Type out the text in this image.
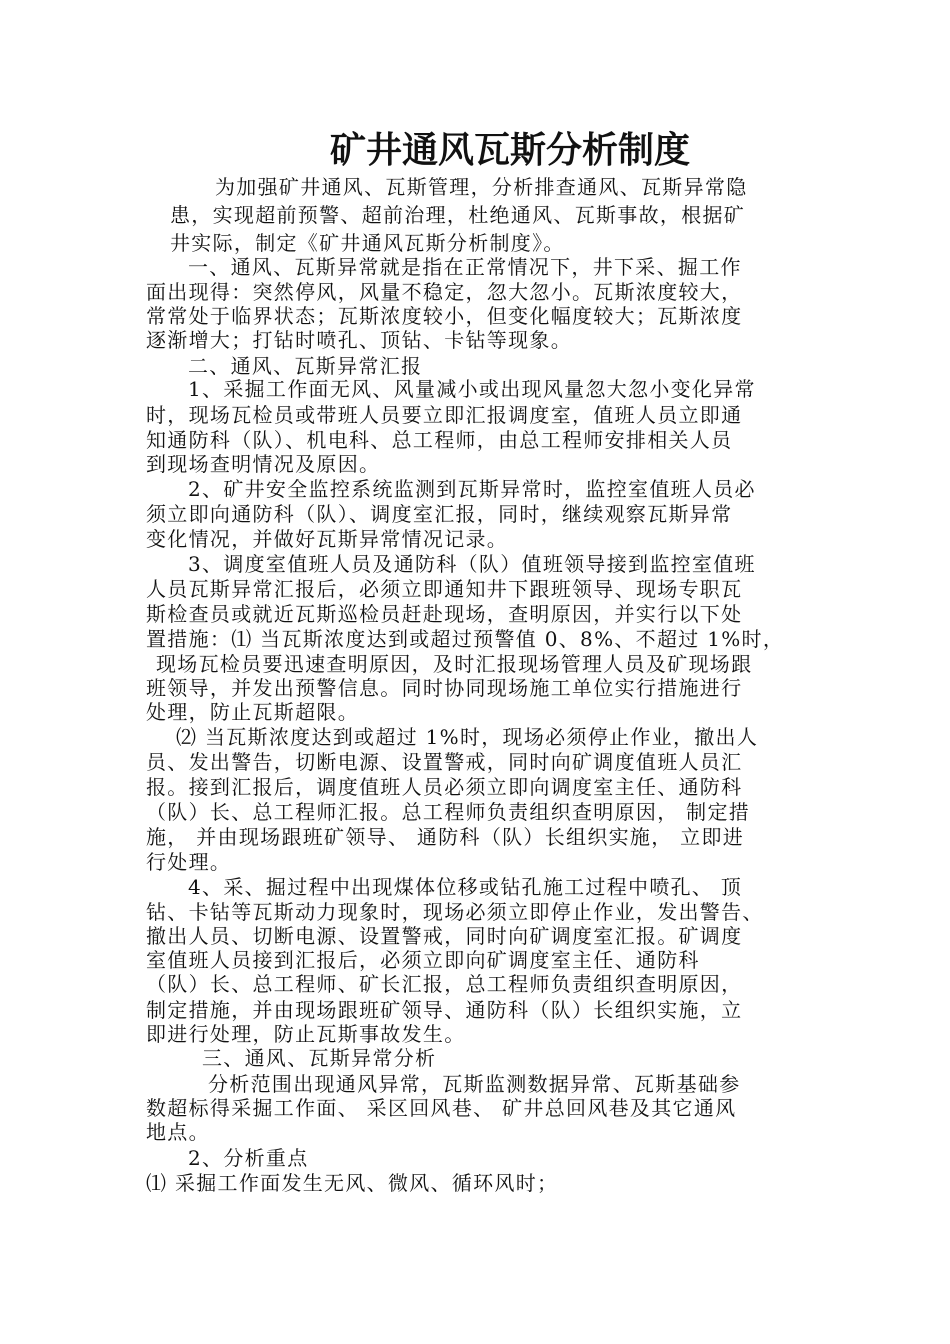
矿井通风瓦斯分析制度
为加强矿井通风、瓦斯管理，分析排查通风、瓦斯异常隐
患，实现超前预警、超前治理，杜绝通风、瓦斯事故，根据矿
井实际，制定《矿井通风瓦斯分析制度》。
一、通风、瓦斯异常就是指在正常情况下，井下采、掘工作
面出现得：突然停风，风量不稳定，忽大忽小。瓦斯浓度较大，
常常处于临界状态；瓦斯浓度较小，但变化幅度较大；瓦斯浓度
逐渐增大；打钻时喷孔、顶钻、卡钻等现象。
二、通风、瓦斯异常汇报
1、采掘工作面无风、风量减小或出现风量忽大忽小变化异常
时，现场瓦检员或带班人员要立即汇报调度室，值班人员立即通
知通防科（队）、机电科、总工程师，由总工程师安排相关人员
到现场查明情况及原因。
2、矿井安全监控系统监测到瓦斯异常时，监控室值班人员必
须立即向通防科（队）、调度室汇报，同时，继续观察瓦斯异常
变化情况，并做好瓦斯异常情况记录。
3、调度室值班人员及通防科（队）值班领导接到监控室值班
人员瓦斯异常汇报后，必须立即通知井下跟班领导、现场专职瓦
斯检查员或就近瓦斯巡检员赶赴现场，查明原因，并实行以下处
置措施：⑴ 当瓦斯浓度达到或超过预警值 0、8%、不超过 1%时，
现场瓦检员要迅速查明原因，及时汇报现场管理人员及矿现场跟
班领导，并发出预警信息。同时协同现场施工单位实行措施进行
处理，防止瓦斯超限。
⑵ 当瓦斯浓度达到或超过 1%时，现场必须停止作业，撤出人
员、发出警告，切断电源、设置警戒，同时向矿调度值班人员汇
报。接到汇报后，调度值班人员必须立即向调度室主任、通防科
（队）长、总工程师汇报。总工程师负责组织查明原因， 制定措
施， 并由现场跟班矿领导、 通防科（队）长组织实施， 立即进
行处理。
4、采、掘过程中出现煤体位移或钻孔施工过程中喷孔、 顶
钻、卡钻等瓦斯动力现象时，现场必须立即停止作业，发出警告、
撤出人员、切断电源、设置警戒，同时向矿调度室汇报。矿调度
室值班人员接到汇报后，必须立即向矿调度室主任、通防科
（队）长、总工程师、矿长汇报，总工程师负责组织查明原因，
制定措施，并由现场跟班矿领导、通防科（队）长组织实施，立
即进行处理，防止瓦斯事故发生。
三、通风、瓦斯异常分析
分析范围出现通风异常，瓦斯监测数据异常、瓦斯基础参
数超标得采掘工作面、 采区回风巷、 矿井总回风巷及其它通风
地点。
2、分析重点
⑴ 采掘工作面发生无风、微风、循环风时；
